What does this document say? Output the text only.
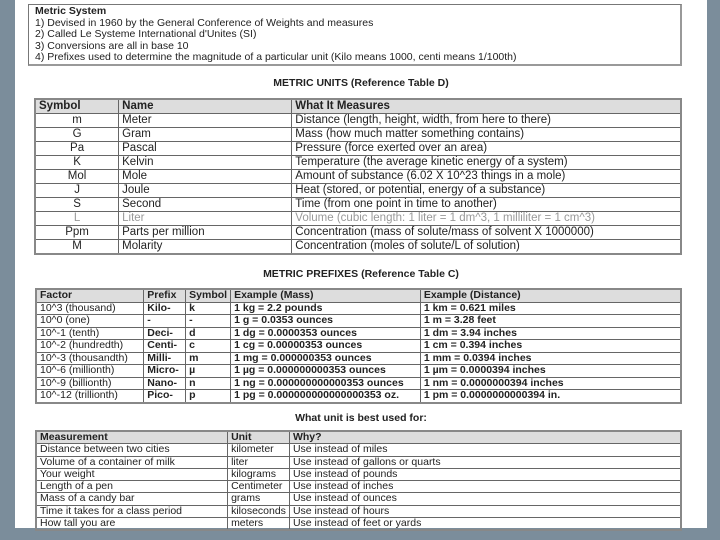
Metric System
1) Devised in 1960 by the General Conference of Weights and measures
2) Called Le Systeme International d'Unites (SI)
3) Conversions are all in base 10
4) Prefixes used to determine the magnitude of a particular unit (Kilo means 1000, centi means 1/100th)
METRIC UNITS (Reference Table D)
Symbol	Name	What It Measures
m	Meter	Distance (length, height, width, from here to there)
G	Gram	Mass (how much matter something contains)
Pa	Pascal	Pressure (force exerted over an area)
K	Kelvin	Temperature (the average kinetic energy of a system)
Mol	Mole	Amount of substance (6.02 X 10^23 things in a mole)
J	Joule	Heat (stored, or potential, energy of a substance)
S	Second	Time (from one point in time to another)
L	Liter	Volume (cubic length: 1 liter = 1 dm^3, 1 milliliter = 1 cm^3)
Ppm	Parts per million	Concentration (mass of solute/mass of solvent X 1000000)
M	Molarity	Concentration (moles of solute/L of solution)
METRIC PREFIXES (Reference Table C)
Factor	Prefix	Symbol	Example (Mass)	Example (Distance)
10^3 (thousand)	Kilo-	k	1 kg = 2.2 pounds	1 km = 0.621 miles
10^0 (one)	-	-	1 g = 0.0353 ounces	1 m = 3.28 feet
10^-1 (tenth)	Deci-	d	1 dg = 0.0000353 ounces	1 dm = 3.94 inches
10^-2 (hundredth)	Centi-	c	1 cg = 0.00000353 ounces	1 cm = 0.394 inches
10^-3 (thousandth)	Milli-	m	1 mg = 0.000000353 ounces	1 mm = 0.0394 inches
10^-6 (millionth)	Micro-	µ	1 µg = 0.000000000353 ounces	1 µm = 0.0000394 inches
10^-9 (billionth)	Nano-	n	1 ng = 0.000000000000353 ounces	1 nm = 0.0000000394 inches
10^-12 (trillionth)	Pico-	p	1 pg = 0.000000000000000353 oz.	1 pm = 0.0000000000394 in.
What unit is best used for:
Measurement	Unit	Why?
Distance between two cities	kilometer	Use instead of miles
Volume of a container of milk	liter	Use instead of gallons or quarts
Your weight	kilograms	Use instead of pounds
Length of a pen	Centimeter	Use instead of inches
Mass of a candy bar	grams	Use instead of ounces
Time it takes for a class period	kiloseconds	Use instead of hours
How tall you are	meters	Use instead of feet or yards
